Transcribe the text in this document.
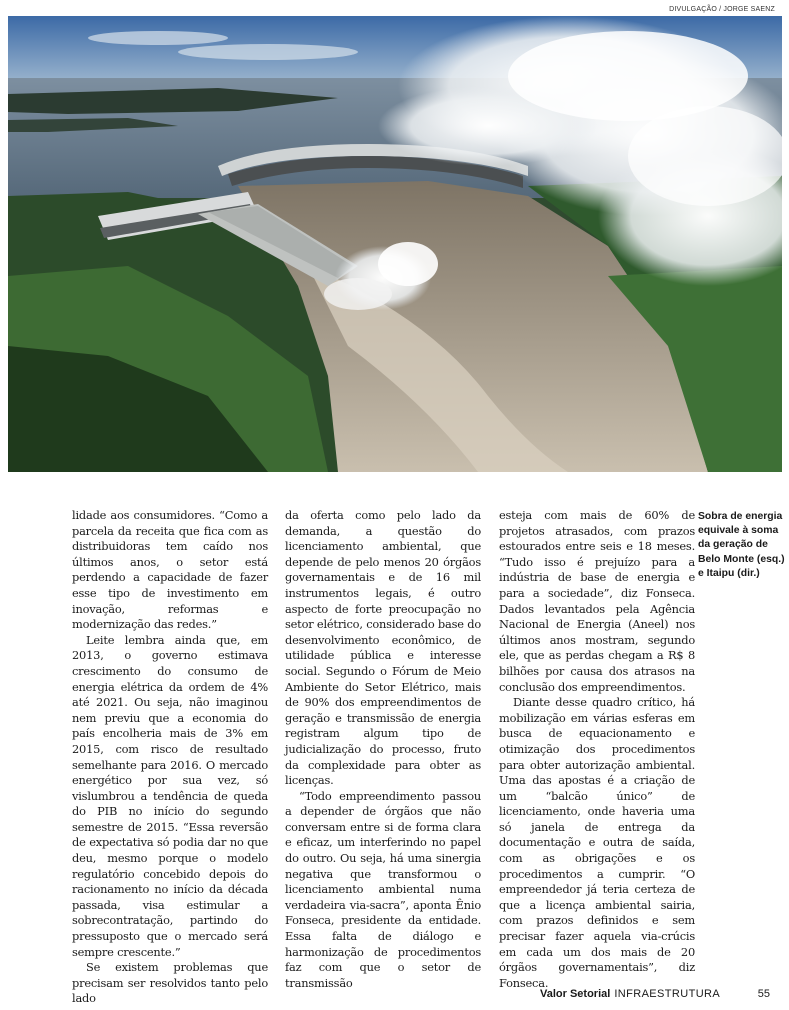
DIVULGAÇÃO / JORGE SAENZ

lidade aos consumidores. “Como a parcela da receita que fica com as distribuidoras tem caído nos últimos anos, o setor está perdendo a capacidade de fazer esse tipo de investimento em inovação, reformas e modernização das redes.”

Leite lembra ainda que, em 2013, o governo estimava crescimento do consumo de energia elétrica da ordem de 4% até 2021. Ou seja, não imaginou nem previu que a economia do país encolheria mais de 3% em 2015, com risco de resultado semelhante para 2016. O mercado energético por sua vez, só vislumbrou a tendência de queda do PIB no início do segundo semestre de 2015. “Essa reversão de expectativa só podia dar no que deu, mesmo porque o modelo regulatório concebido depois do racionamento no início da década passada, visa estimular a sobrecontratação, partindo do pressuposto que o mercado será sempre crescente.”

Se existem problemas que precisam ser resolvidos tanto pelo lado

da oferta como pelo lado da demanda, a questão do licenciamento ambiental, que depende de pelo menos 20 órgãos governamentais e de 16 mil instrumentos legais, é outro aspecto de forte preocupação no setor elétrico, considerado base do desenvolvimento econômico, de utilidade pública e interesse social. Segundo o Fórum de Meio Ambiente do Setor Elétrico, mais de 90% dos empreendimentos de geração e transmissão de energia registram algum tipo de judicialização do processo, fruto da complexidade para obter as licenças.

“Todo empreendimento passou a depender de órgãos que não conversam entre si de forma clara e eficaz, um interferindo no papel do outro. Ou seja, há uma sinergia negativa que transformou o licenciamento ambiental numa verdadeira via-sacra”, aponta Ênio Fonseca, presidente da entidade. Essa falta de diálogo e harmonização de procedimentos faz com que o setor de transmissão

esteja com mais de 60% de projetos atrasados, com prazos estourados entre seis e 18 meses. “Tudo isso é prejuízo para a indústria de base de energia e para a sociedade”, diz Fonseca. Dados levantados pela Agência Nacional de Energia (Aneel) nos últimos anos mostram, segundo ele, que as perdas chegam a R$ 8 bilhões por causa dos atrasos na conclusão dos empreendimentos.

Diante desse quadro crítico, há mobilização em várias esferas em busca de equacionamento e otimização dos procedimentos para obter autorização ambiental. Uma das apostas é a criação de um “balcão único” de licenciamento, onde haveria uma só janela de entrega da documentação e outra de saída, com as obrigações e os procedimentos a cumprir. “O empreendedor já teria certeza de que a licença ambiental sairia, com prazos definidos e sem precisar fazer aquela via-crúcis em cada um dos mais de 20 órgãos governamentais”, diz Fonseca.

Sobra de energia equivale à soma da geração de Belo Monte (esq.) e Itaipu (dir.)
Valor Setorial INFRAESTRUTURA	55
